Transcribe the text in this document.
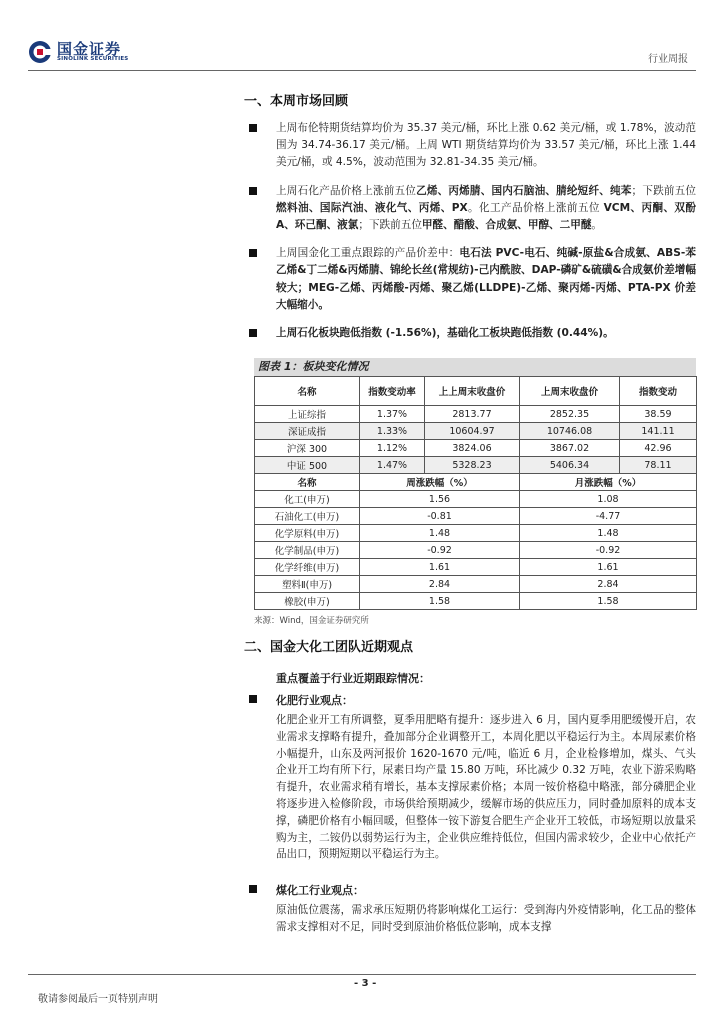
国金证券
SINOLINK SECURITIES	行业周报
一、本周市场回顾
上周布伦特期货结算均价为 35.37 美元/桶，环比上涨 0.62 美元/桶，或 1.78%，波动范围为 34.74-36.17 美元/桶。上周 WTI 期货结算均价为 33.57 美元/桶，环比上涨 1.44 美元/桶，或 4.5%，波动范围为 32.81-34.35 美元/桶。
上周石化产品价格上涨前五位乙烯、丙烯腈、国内石脑油、腈纶短纤、纯苯；下跌前五位燃料油、国际汽油、液化气、丙烯、PX。化工产品价格上涨前五位 VCM、丙酮、双酚 A、环己酮、液氯；下跌前五位甲醛、醋酸、合成氨、甲醇、二甲醚。
上周国金化工重点跟踪的产品价差中：电石法 PVC-电石、纯碱-原盐&合成氨、ABS-苯乙烯&丁二烯&丙烯腈、锦纶长丝(常规纺)-己内酰胺、DAP-磷矿&硫磺&合成氨价差增幅较大；MEG-乙烯、丙烯酸-丙烯、聚乙烯(LLDPE)-乙烯、聚丙烯-丙烯、PTA-PX 价差大幅缩小。
上周石化板块跑低指数 (-1.56%)，基础化工板块跑低指数 (0.44%)。
图表 1：板块变化情况
名称	指数变动率	上上周末收盘价	上周末收盘价	指数变动
上证综指	1.37%	2813.77	2852.35	38.59
深证成指	1.33%	10604.97	10746.08	141.11
沪深 300	1.12%	3824.06	3867.02	42.96
中证 500	1.47%	5328.23	5406.34	78.11
名称	周涨跌幅（%）		月涨跌幅（%）	
化工(申万)	1.56		1.08	
石油化工(申万)	-0.81		-4.77	
化学原料(申万)	1.48		1.48	
化学制品(申万)	-0.92		-0.92	
化学纤维(申万)	1.61		1.61	
塑料Ⅱ(申万)	2.84		2.84	
橡胶(申万)	1.58		1.58	
来源：Wind，国金证券研究所
二、国金大化工团队近期观点
重点覆盖于行业近期跟踪情况：
化肥行业观点：
化肥企业开工有所调整，夏季用肥略有提升：逐步进入 6 月，国内夏季用肥缓慢开启，农业需求支撑略有提升，叠加部分企业调整开工，本周化肥以平稳运行为主。本周尿素价格小幅提升，山东及两河报价 1620-1670 元/吨，临近 6 月，企业检修增加，煤头、气头企业开工均有所下行，尿素日均产量 15.80 万吨，环比减少 0.32 万吨，农业下游采购略有提升，农业需求稍有增长，基本支撑尿素价格；本周一铵价格稳中略涨，部分磷肥企业将逐步进入检修阶段，市场供给预期减少，缓解市场的供应压力，同时叠加原料的成本支撑，磷肥价格有小幅回暖，但整体一铵下游复合肥生产企业开工较低，市场短期以放量采购为主，二铵仍以弱势运行为主，企业供应维持低位，但国内需求较少，企业中心依托产品出口，预期短期以平稳运行为主。
煤化工行业观点：
原油低位震荡，需求承压短期仍将影响煤化工运行：受到海内外疫情影响，化工品的整体需求支撑相对不足，同时受到原油价格低位影响，成本支撑
- 3 -
敬请参阅最后一页特别声明
